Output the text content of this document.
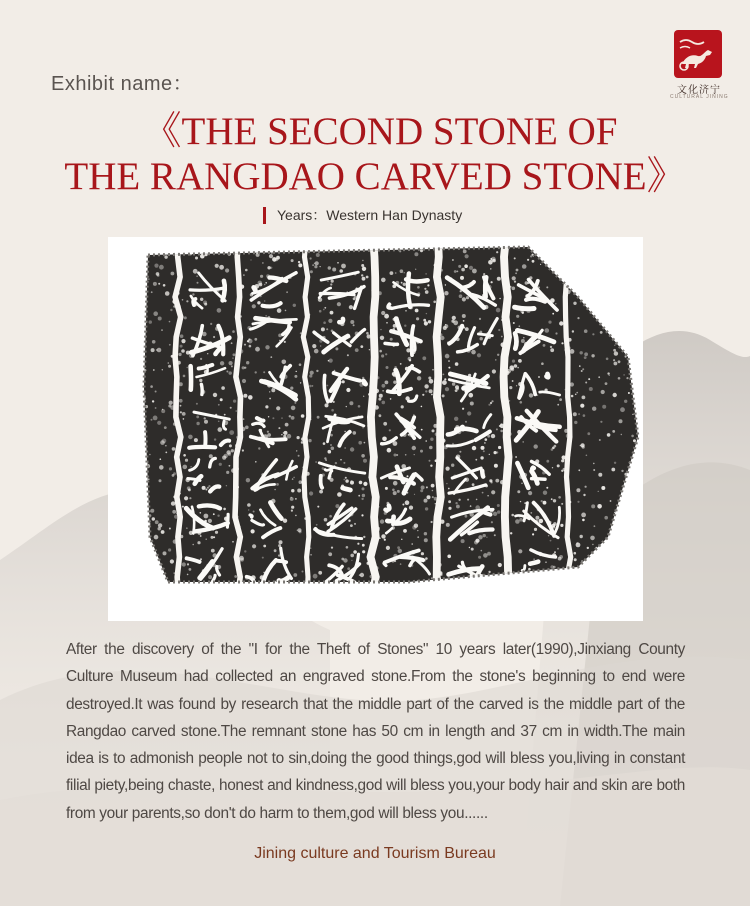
文化济宁
CULTURAL JINING
Exhibit name：
《THE SECOND STONE OF
THE RANGDAO CARVED STONE》
Years：Western Han Dynasty

After the discovery of the "I for the Theft of Stones" 10 years later(1990),Jinxiang County Culture Museum had collected an engraved stone.From the stone's beginning to end were destroyed.It was found by research that the middle part of the carved is the middle part of the Rangdao carved stone.The remnant stone has 50 cm in length and 37 cm in width.The main idea is to admonish people not to sin,doing the good things,god will bless you,living in constant filial piety,being chaste, honest and kindness,god will bless you,your body hair and skin are both from your parents,so don't do harm to them,god will bless you......

Jining culture and Tourism Bureau
